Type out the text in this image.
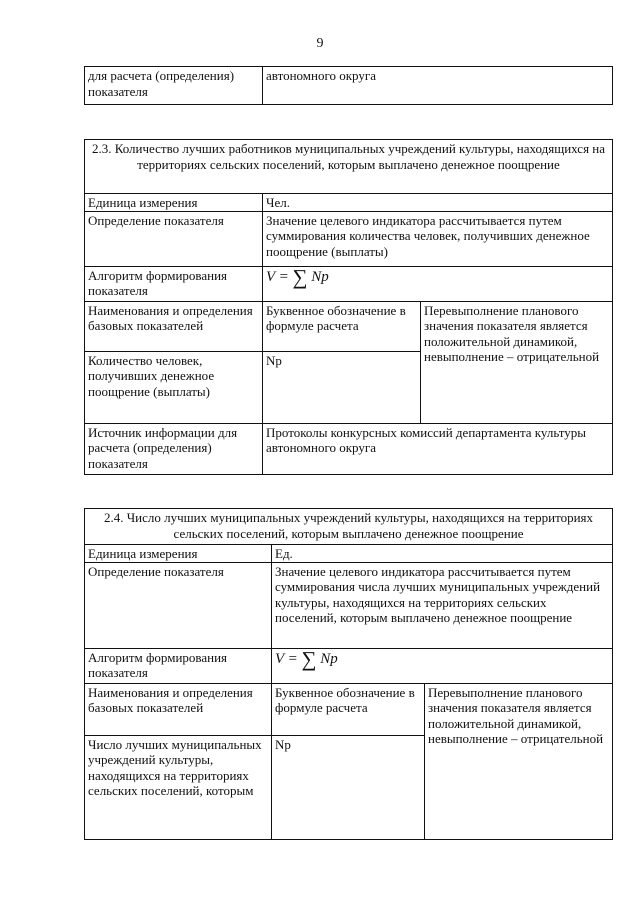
9
для расчета (определения) показателя	автономного округа
2.3. Количество лучших работников муниципальных учреждений культуры, находящихся на территориях сельских поселений, которым выплачено денежное поощрение		
Единица измерения	Чел.	
Определение показателя	Значение целевого индикатора рассчитывается путем суммирования количества человек, получивших денежное поощрение (выплаты)	
Алгоритм формирования показателя	V = ∑ Np	
Наименования и определения базовых показателей	Буквенное обозначение в формуле расчета	Перевыполнение планового значения показателя является положительной динамикой, невыполнение – отрицательной
Количество человек, получивших денежное поощрение (выплаты)	Np	
Источник информации для расчета (определения) показателя	Протоколы конкурсных комиссий департамента культуры автономного округа	
2.4. Число лучших муниципальных учреждений культуры, находящихся на территориях сельских поселений, которым выплачено денежное поощрение		
Единица измерения	Ед.	
Определение показателя	Значение целевого индикатора рассчитывается путем суммирования числа лучших муниципальных учреждений культуры, находящихся на территориях сельских поселений, которым выплачено денежное поощрение	
Алгоритм формирования показателя	V = ∑ Np	
Наименования и определения базовых показателей	Буквенное обозначение в формуле расчета	Перевыполнение планового значения показателя является положительной динамикой, невыполнение – отрицательной
Число лучших муниципальных учреждений культуры, находящихся на территориях сельских поселений, которым	Np	
